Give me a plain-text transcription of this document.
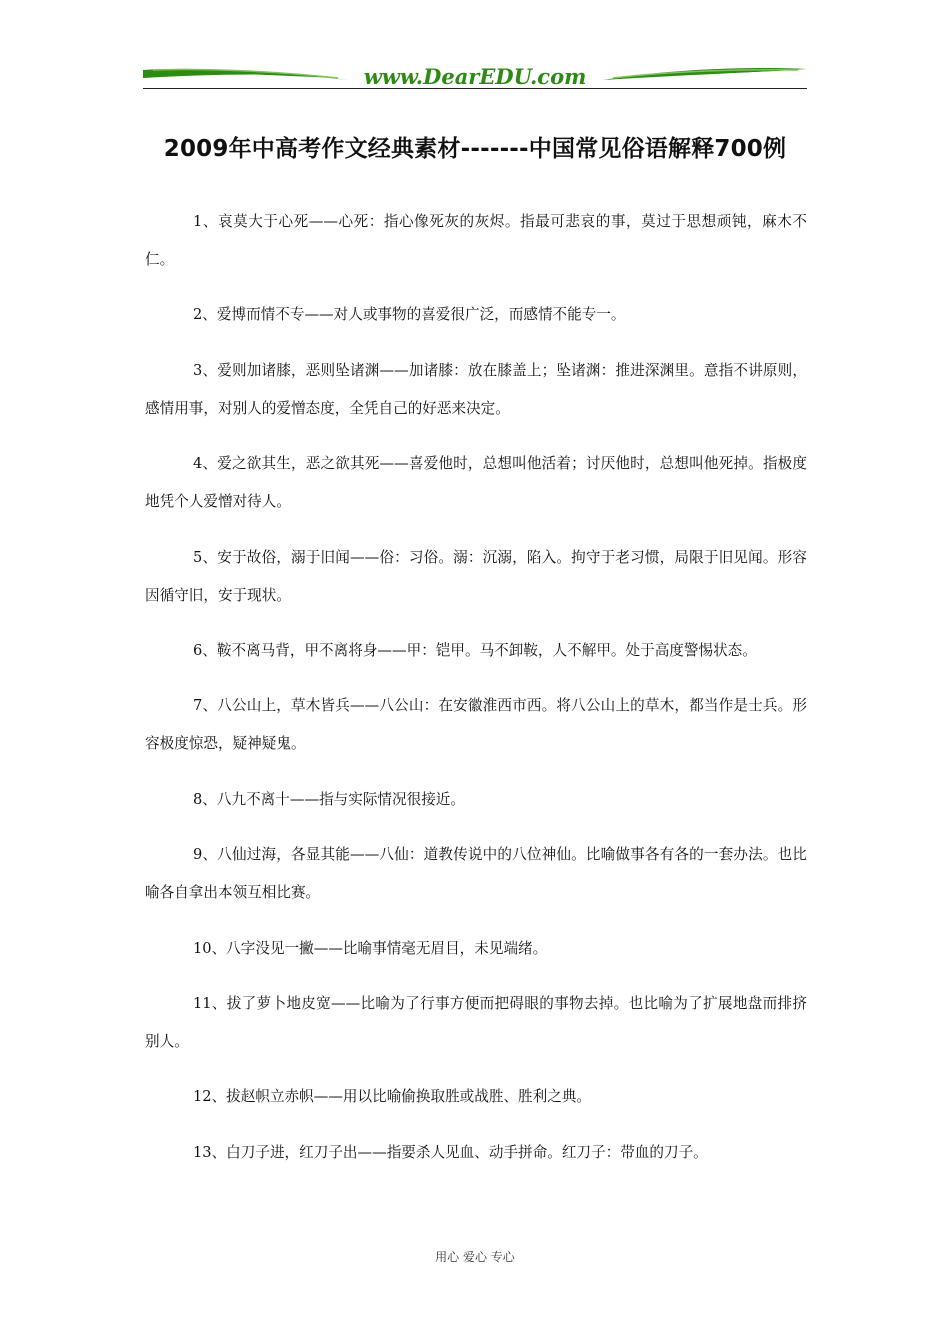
www.DearEDU.com
2009年中高考作文经典素材-------中国常见俗语解释700例

1、哀莫大于心死——心死：指心像死灰的灰烬。指最可悲哀的事，莫过于思想顽钝，麻木不仁。

2、爱博而情不专——对人或事物的喜爱很广泛，而感情不能专一。

3、爱则加诸膝，恶则坠诸渊——加诸膝：放在膝盖上；坠诸渊：推进深渊里。意指不讲原则，感情用事，对别人的爱憎态度，全凭自己的好恶来决定。

4、爱之欲其生，恶之欲其死——喜爱他时，总想叫他活着；讨厌他时，总想叫他死掉。指极度地凭个人爱憎对待人。

5、安于故俗，溺于旧闻——俗：习俗。溺：沉溺，陷入。拘守于老习惯，局限于旧见闻。形容因循守旧，安于现状。

6、鞍不离马背，甲不离将身——甲：铠甲。马不卸鞍，人不解甲。处于高度警惕状态。

7、八公山上，草木皆兵——八公山：在安徽淮西市西。将八公山上的草木，都当作是士兵。形容极度惊恐，疑神疑鬼。

8、八九不离十——指与实际情况很接近。

9、八仙过海，各显其能——八仙：道教传说中的八位神仙。比喻做事各有各的一套办法。也比喻各自拿出本领互相比赛。

10、八字没见一撇——比喻事情毫无眉目，未见端绪。

11、拔了萝卜地皮宽——比喻为了行事方便而把碍眼的事物去掉。也比喻为了扩展地盘而排挤别人。

12、拔赵帜立赤帜——用以比喻偷换取胜或战胜、胜利之典。

13、白刀子进，红刀子出——指要杀人见血、动手拼命。红刀子：带血的刀子。

用心 爱心 专心
